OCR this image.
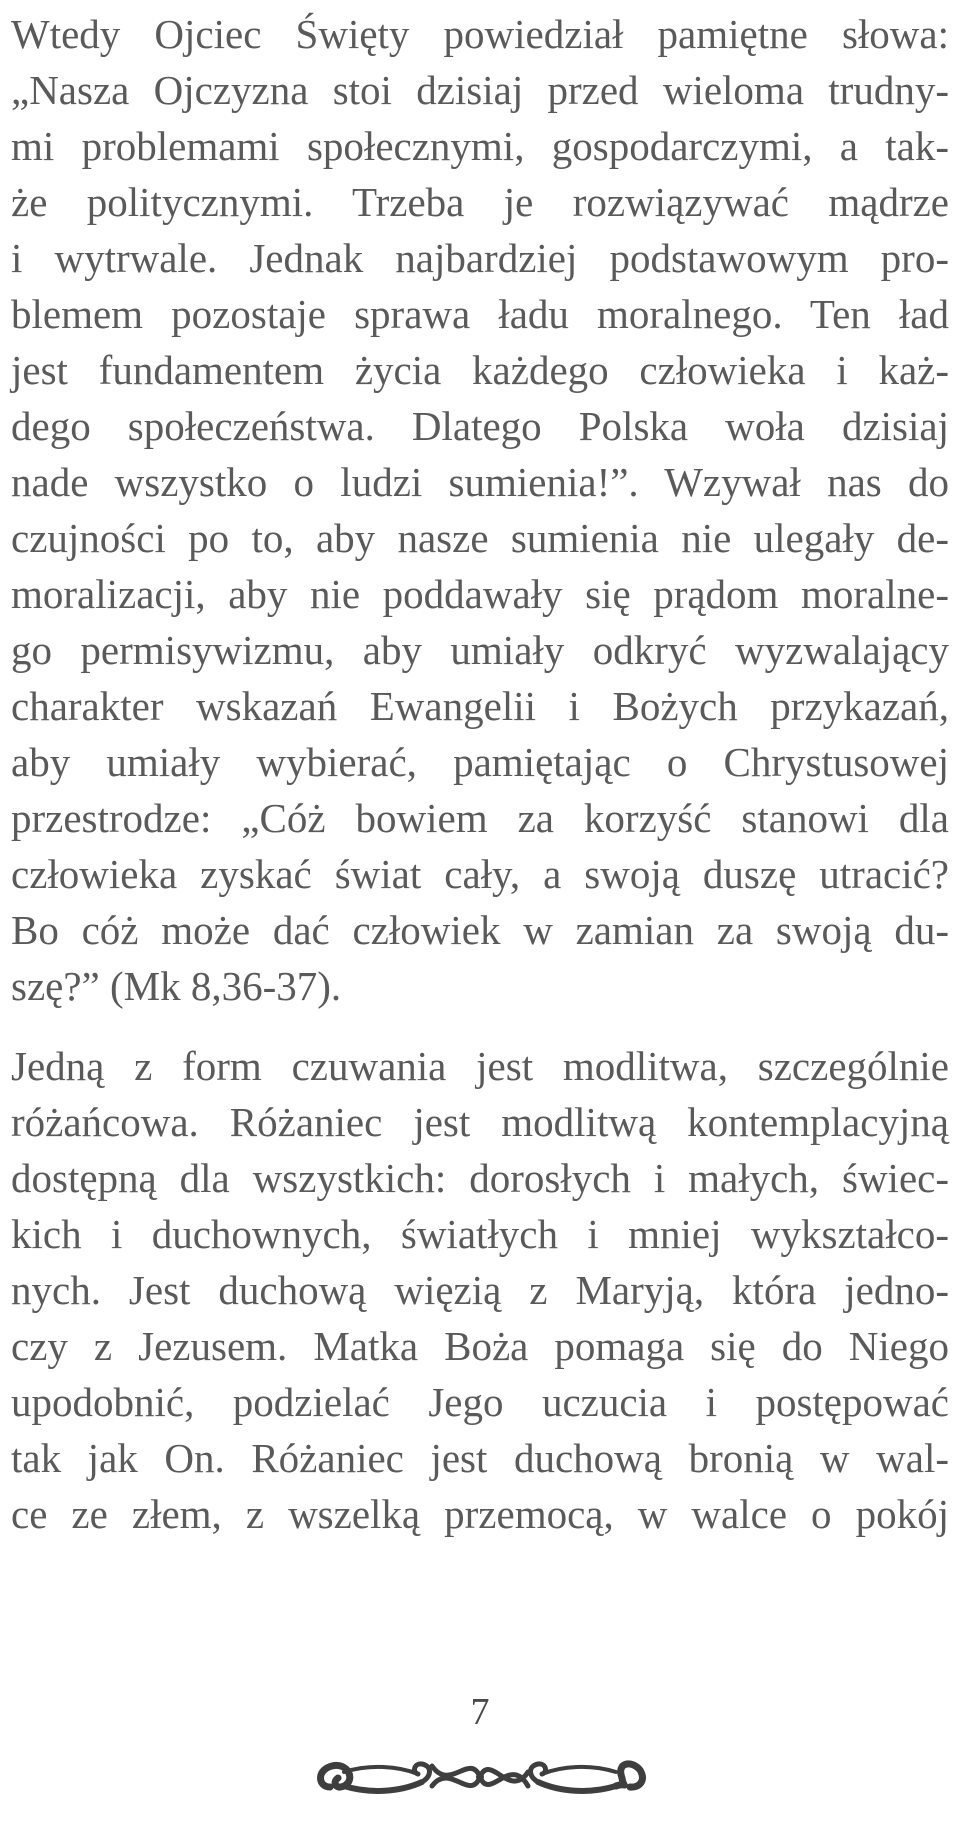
Wtedy Ojciec Święty powiedział pamiętne słowa:
„Nasza Ojczyzna stoi dzisiaj przed wieloma trudny-
mi problemami społecznymi, gospodarczymi, a tak-
że politycznymi. Trzeba je rozwiązywać mądrze
i wytrwale. Jednak najbardziej podstawowym pro-
blemem pozostaje sprawa ładu moralnego. Ten ład
jest fundamentem życia każdego człowieka i każ-
dego społeczeństwa. Dlatego Polska woła dzisiaj
nade wszystko o ludzi sumienia!”. Wzywał nas do
czujności po to, aby nasze sumienia nie ulegały de-
moralizacji, aby nie poddawały się prądom moralne-
go permisywizmu, aby umiały odkryć wyzwalający
charakter wskazań Ewangelii i Bożych przykazań,
aby umiały wybierać, pamiętając o Chrystusowej
przestrodze: „Cóż bowiem za korzyść stanowi dla
człowieka zyskać świat cały, a swoją duszę utracić?
Bo cóż może dać człowiek w zamian za swoją du-
szę?” (Mk 8,36-37).
Jedną z form czuwania jest modlitwa, szczególnie
różańcowa. Różaniec jest modlitwą kontemplacyjną
dostępną dla wszystkich: dorosłych i małych, świec-
kich i duchownych, światłych i mniej wykształco-
nych. Jest duchową więzią z Maryją, która jedno-
czy z Jezusem. Matka Boża pomaga się do Niego
upodobnić, podzielać Jego uczucia i postępować
tak jak On. Różaniec jest duchową bronią w wal-
ce ze złem, z wszelką przemocą, w walce o pokój
7
